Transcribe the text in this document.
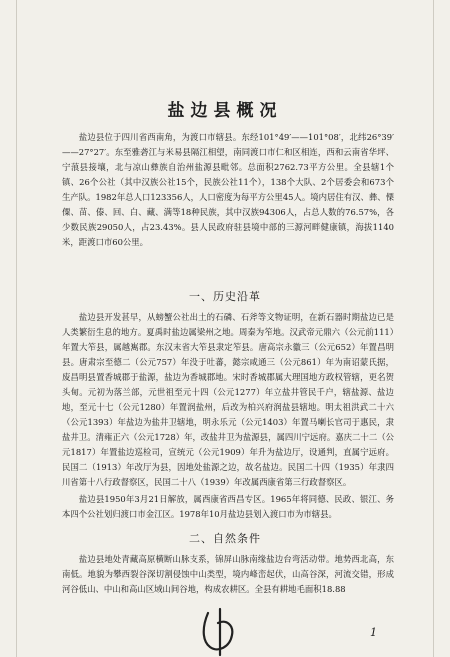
盐边县概况

盐边县位于四川省西南角，为渡口市辖县。东经101°49′——101°08′，北纬26°39′——27°27′。东至雅砻江与米易县隔江相望，南同渡口市仁和区相连，西和云南省华坪、宁蒗县接壤，北与凉山彝族自治州盐源县毗邻。总面积2762.73平方公里。全县辖1个镇、26个公社（其中汉族公社15个，民族公社11个），138个大队、2个居委会和673个生产队。1982年总人口123356人，人口密度为每平方公里45人。境内居住有汉、彝、傈僳、苗、傣、回、白、藏、满等18种民族，其中汉族94306人，占总人数的76.57%，各少数民族29050人，占23.43%。县人民政府驻县境中部的三源河畔健康镇，海拔1140米，距渡口市60公里。

一、历史沿革

盐边县开发甚早，从螃蟹公社出土的石磷、石斧等文物证明，在新石器时期盐边已是人类繁衍生息的地方。夏禹时盐边属梁州之地。周秦为笮地。汉武帝元鼎六（公元前111）年置大笮县，属越嶲郡。东汉末省大笮县隶定笮县。唐高宗永徽三（公元652）年置昌明县。唐肃宗至德二（公元757）年没于吐蕃，懿宗咸通三（公元861）年为南诏蒙氏据，废昌明县置香城郡于盐源，盐边为香城郡地。宋时香城郡属大理国地方政权管辖，更名贺头甸。元初为落兰部，元世祖至元十四（公元1277）年立盐井管民千户，辖盐源、盐边地，至元十七（公元1280）年置润盐州，后改为柏兴府润盐县辖地。明太祖洪武二十六（公元1393）年盐边为盐井卫辖地，明永乐元（公元1403）年置马喇长官司于惠民，隶盐井卫。清雍正六（公元1728）年，改盐井卫为盐源县，属四川宁远府。嘉庆二十二（公元1817）年置盐边巡检司，宣统元（公元1909）年升为盐边厅，设通判，直属宁远府。民国二（1913）年改厅为县，因地处盐源之边，故名盐边。民国二十四（1935）年隶四川省第十八行政督察区，民国二十八（1939）年改属西康省第三行政督察区。

盐边县1950年3月21日解放，属西康省西昌专区。1965年将同德、民政、银江、务本四个公社划归渡口市金江区。1978年10月盐边县划入渡口市为市辖县。

二、自然条件

盐边县地处青藏高原横断山脉支系，锦屏山脉南缘盐边台弯活动带。地势西北高，东南低。地貌为攀西裂谷深切割侵蚀中山类型，境内峰峦起伏，山高谷深，河流交错，形成河谷低山、中山和高山区域山间谷地，构成农耕区。全县有耕地毛面积18.88

1
